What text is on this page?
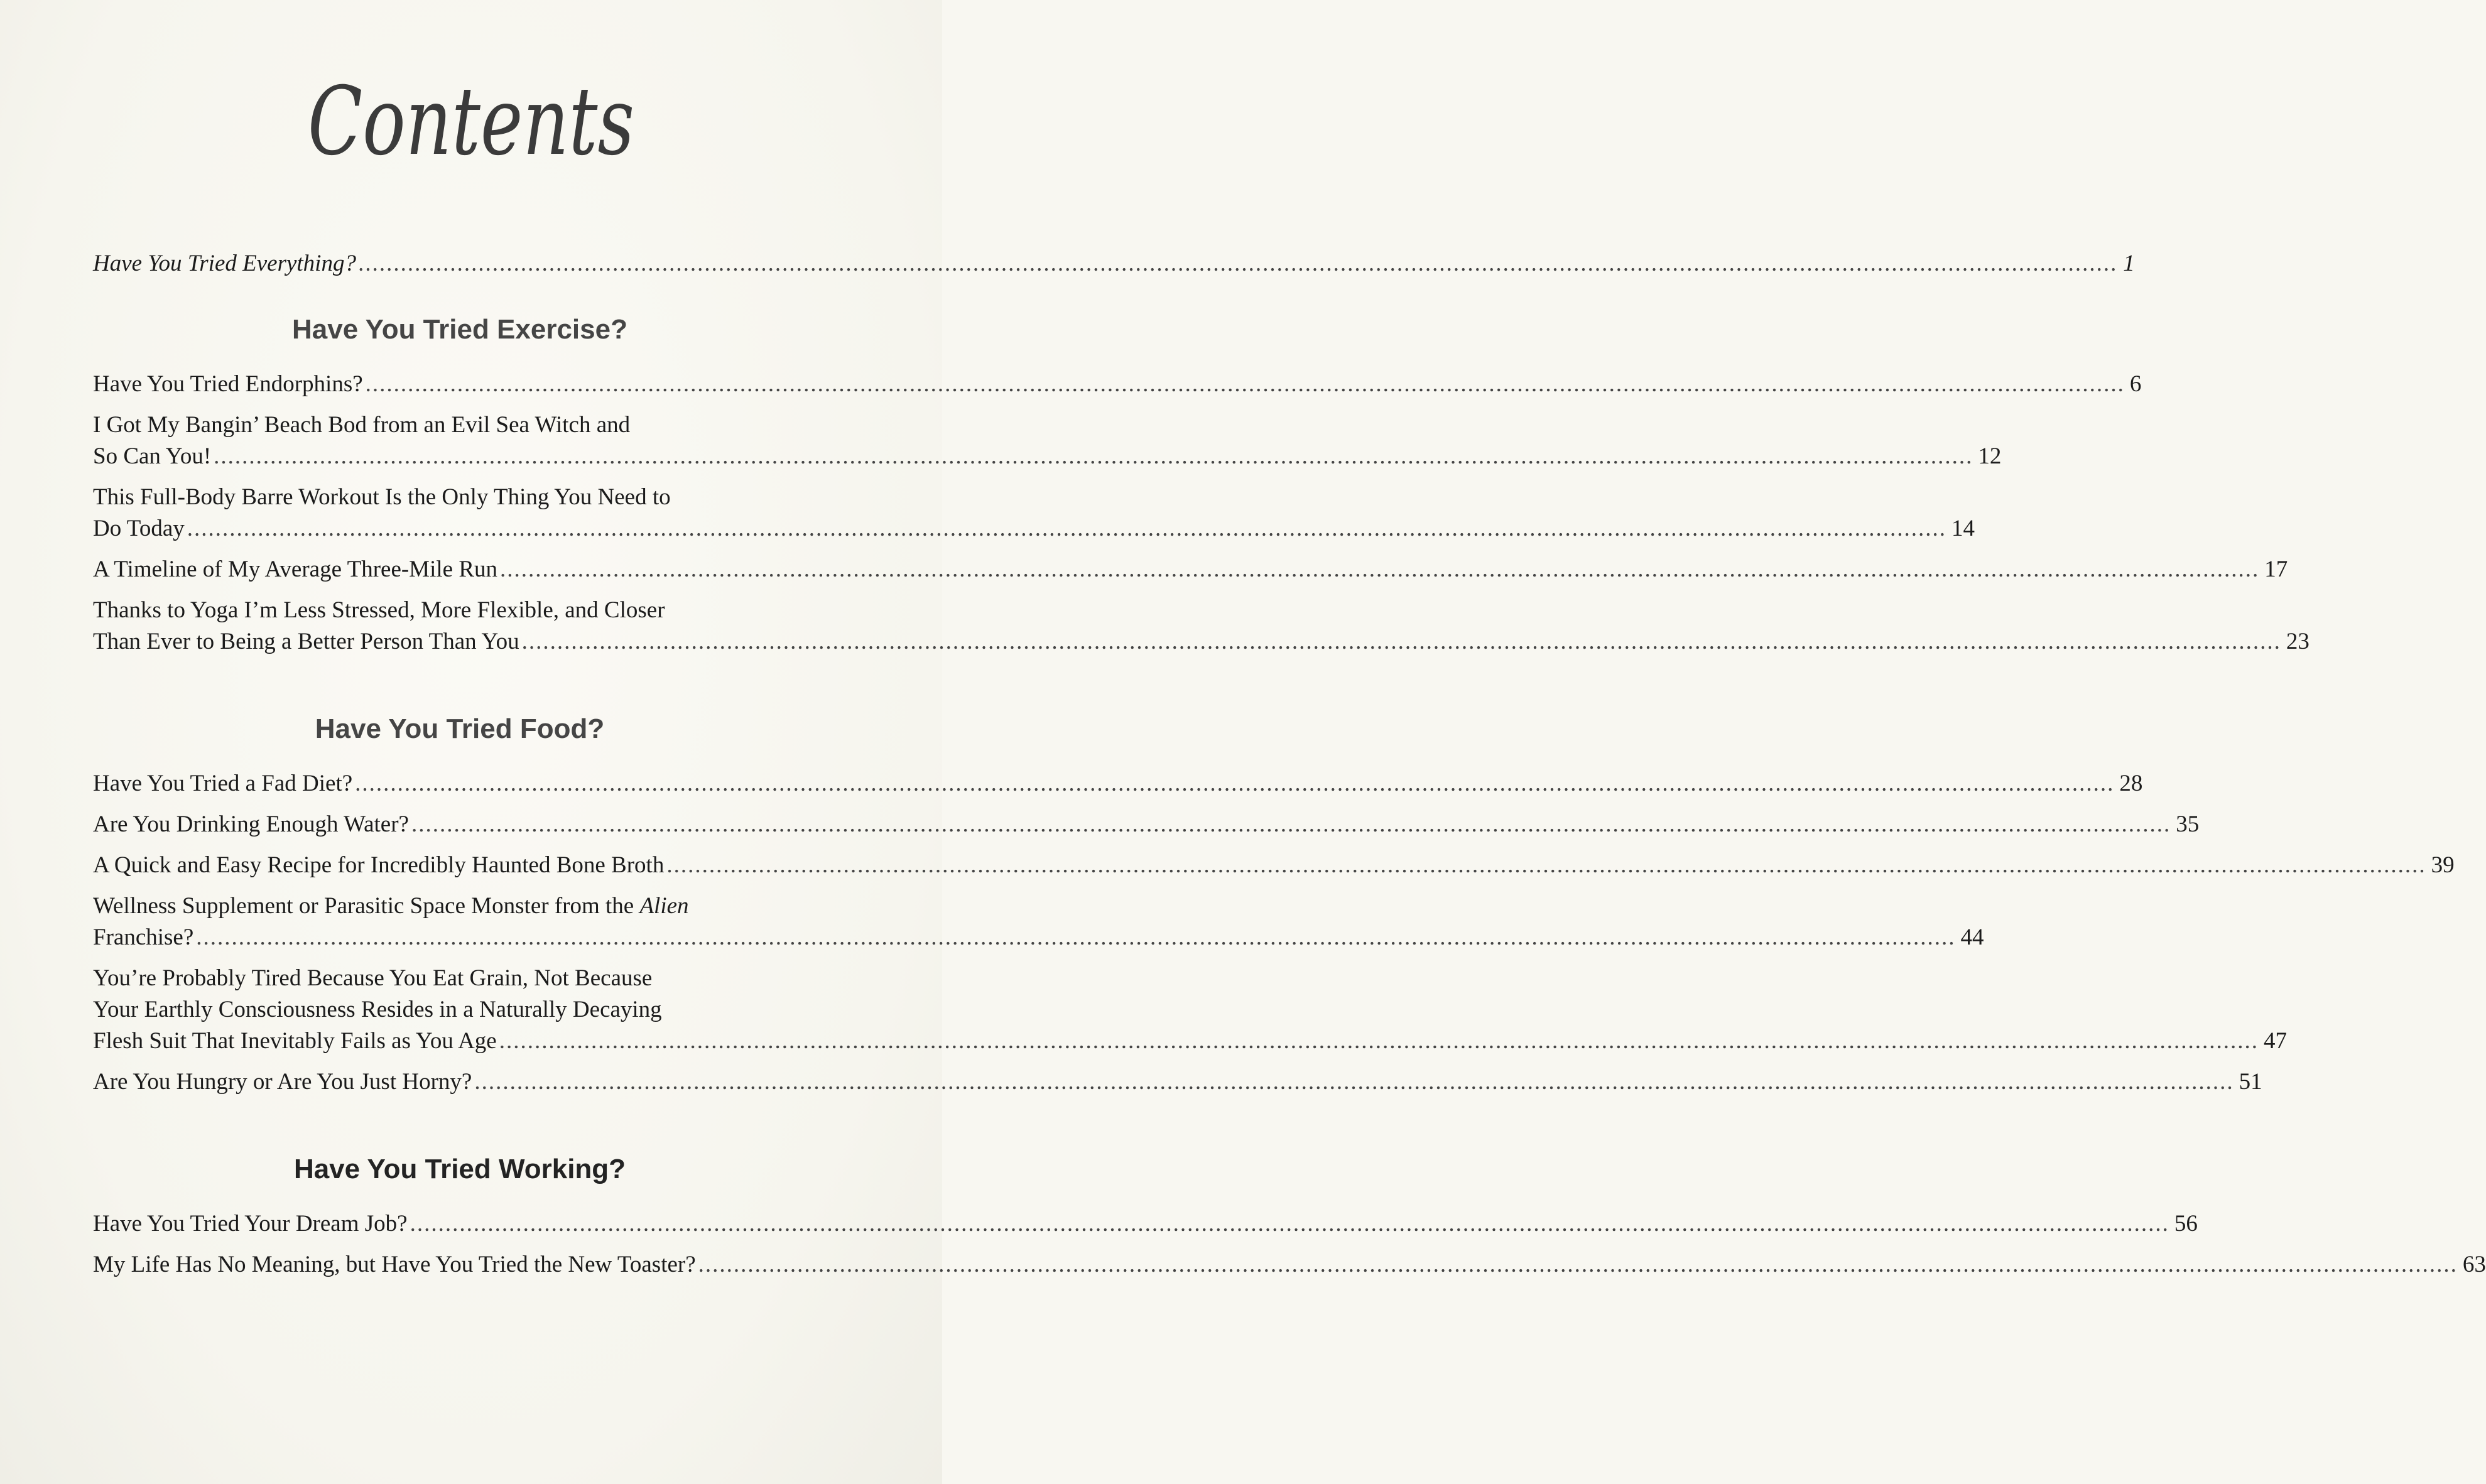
Contents
Have You Tried Everything? .....	1
Have You Tried Exercise?
Have You Tried Endorphins? .....	6
I Got My Bangin’ Beach Bod from an Evil Sea Witch and
So Can You! .....	12
This Full-Body Barre Workout Is the Only Thing You Need to
Do Today .....	14
A Timeline of My Average Three-Mile Run .....	17
Thanks to Yoga I’m Less Stressed, More Flexible, and Closer
Than Ever to Being a Better Person Than You .....	23
Have You Tried Food?
Have You Tried a Fad Diet? .....	28
Are You Drinking Enough Water? .....	35
A Quick and Easy Recipe for Incredibly Haunted Bone Broth .....	39
Wellness Supplement or Parasitic Space Monster from the Alien
Franchise? .....	44
You’re Probably Tired Because You Eat Grain, Not Because
Your Earthly Consciousness Resides in a Naturally Decaying
Flesh Suit That Inevitably Fails as You Age .....	47
Are You Hungry or Are You Just Horny? .....	51
Have You Tried Working?
Have You Tried Your Dream Job? .....	56
My Life Has No Meaning, but Have You Tried the New Toaster? .....	63
